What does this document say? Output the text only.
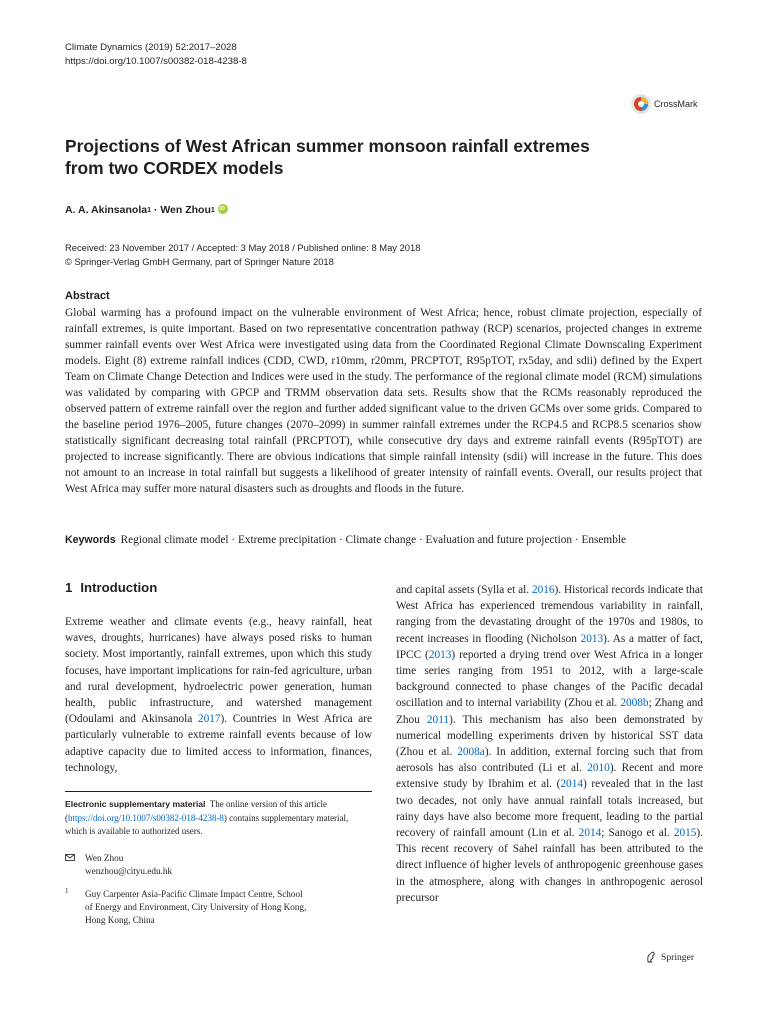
Climate Dynamics (2019) 52:2017–2028
https://doi.org/10.1007/s00382-018-4238-8
CrossMark
Projections of West African summer monsoon rainfall extremes
from two CORDEX models
A. A. Akinsanola 1 · Wen Zhou 1
iD
Received: 23 November 2017 / Accepted: 3 May 2018 / Published online: 8 May 2018
© Springer-Verlag GmbH Germany, part of Springer Nature 2018
Abstract
Global warming has a profound impact on the vulnerable environment of West Africa; hence, robust climate projection, especially of rainfall extremes, is quite important. Based on two representative concentration pathway (RCP) scenarios, projected changes in extreme summer rainfall events over West Africa were investigated using data from the Coordinated Regional Climate Downscaling Experiment models. Eight (8) extreme rainfall indices (CDD, CWD, r10mm, r20mm, PRCPTOT, R95pTOT, rx5day, and sdii) defined by the Expert Team on Climate Change Detection and Indices were used in the study. The performance of the regional climate model (RCM) simulations was validated by comparing with GPCP and TRMM observation data sets. Results show that the RCMs reasonably reproduced the observed pattern of extreme rainfall over the region and further added significant value to the driven GCMs over some grids. Compared to the baseline period 1976–2005, future changes (2070–2099) in summer rainfall extremes under the RCP4.5 and RCP8.5 scenarios show statistically significant decreasing total rainfall (PRCPTOT), while consecutive dry days and extreme rainfall events (R95pTOT) are projected to increase significantly. There are obvious indications that simple rainfall intensity (sdii) will increase in the future. This does not amount to an increase in total rainfall but suggests a likelihood of greater intensity of rainfall events. Overall, our results project that West Africa may suffer more natural disasters such as droughts and floods in the future.
Keywords Regional climate model · Extreme precipitation · Climate change · Evaluation and future projection · Ensemble
1 Introduction
Extreme weather and climate events (e.g., heavy rainfall, heat waves, droughts, hurricanes) have always posed risks to human society. Most importantly, rainfall extremes, upon which this study focuses, have important implications for rain-fed agriculture, urban and rural development, hydroelectric power generation, human health, public infrastructure, and watershed management (Odoulami and Akinsanola 2017). Countries in West Africa are particularly vulnerable to extreme rainfall events because of low adaptive capacity due to limited access to information, finances, technology,
and capital assets (Sylla et al. 2016). Historical records indicate that West Africa has experienced tremendous variability in rainfall, ranging from the devastating drought of the 1970s and 1980s, to recent increases in flooding (Nicholson 2013). As a matter of fact, IPCC (2013) reported a drying trend over West Africa in a longer time series ranging from 1951 to 2012, with a large-scale background connected to phase changes of the Pacific decadal oscillation and to internal variability (Zhou et al. 2008b; Zhang and Zhou 2011). This mechanism has also been demonstrated by numerical modelling experiments driven by historical SST data (Zhou et al. 2008a). In addition, external forcing such that from aerosols has also contributed (Li et al. 2010). Recent and more extensive study by Ibrahim et al. (2014) revealed that in the last two decades, not only have annual rainfall totals increased, but rainy days have also become more frequent, leading to the partial recovery of rainfall amount (Lin et al. 2014; Sanogo et al. 2015). This recent recovery of Sahel rainfall has been attributed to the direct influence of higher levels of anthropogenic greenhouse gases in the atmosphere, along with changes in anthropogenic aerosol precursor
Electronic supplementary material  The online version of this article (https://doi.org/10.1007/s00382-018-4238-8) contains supplementary material, which is available to authorized users.
Wen Zhou
wenzhou@cityu.edu.hk
1 Guy Carpenter Asia-Pacific Climate Impact Centre, School
of Energy and Environment, City University of Hong Kong,
Hong Kong, China
Springer
